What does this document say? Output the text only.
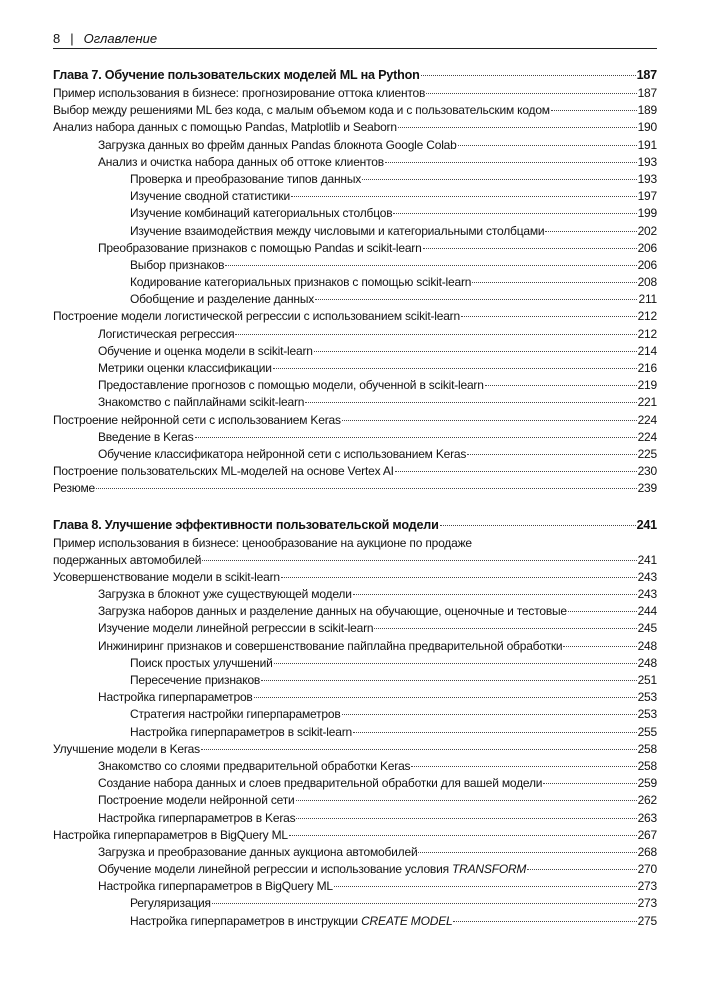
8 | Оглавление
Глава 7. Обучение пользовательских моделей ML на Python	187
Пример использования в бизнесе: прогнозирование оттока клиентов	187
Выбор между решениями ML без кода, с малым объемом кода и с пользовательским кодом	189
Анализ набора данных с помощью Pandas, Matplotlib и Seaborn	190
Загрузка данных во фрейм данных Pandas блокнота Google Colab	191
Анализ и очистка набора данных об оттоке клиентов	193
Проверка и преобразование типов данных	193
Изучение сводной статистики	197
Изучение комбинаций категориальных столбцов	199
Изучение взаимодействия между числовыми и категориальными столбцами	202
Преобразование признаков с помощью Pandas и scikit-learn	206
Выбор признаков	206
Кодирование категориальных признаков с помощью scikit-learn	208
Обобщение и разделение данных	211
Построение модели логистической регрессии с использованием scikit-learn	212
Логистическая регрессия	212
Обучение и оценка модели в scikit-learn	214
Метрики оценки классификации	216
Предоставление прогнозов с помощью модели, обученной в scikit-learn	219
Знакомство с пайплайнами scikit-learn	221
Построение нейронной сети с использованием Keras	224
Введение в Keras	224
Обучение классификатора нейронной сети с использованием Keras	225
Построение пользовательских ML-моделей на основе Vertex AI	230
Резюме	239
Глава 8. Улучшение эффективности пользовательской модели	241
Пример использования в бизнесе: ценообразование на аукционе по продаже
подержанных автомобилей	241
Усовершенствование модели в scikit-learn	243
Загрузка в блокнот уже существующей модели	243
Загрузка наборов данных и разделение данных на обучающие, оценочные и тестовые	244
Изучение модели линейной регрессии в scikit-learn	245
Инжиниринг признаков и совершенствование пайплайна предварительной обработки	248
Поиск простых улучшений	248
Пересечение признаков	251
Настройка гиперпараметров	253
Стратегия настройки гиперпараметров	253
Настройка гиперпараметров в scikit-learn	255
Улучшение модели в Keras	258
Знакомство со слоями предварительной обработки Keras	258
Создание набора данных и слоев предварительной обработки для вашей модели	259
Построение модели нейронной сети	262
Настройка гиперпараметров в Keras	263
Настройка гиперпараметров в BigQuery ML	267
Загрузка и преобразование данных аукциона автомобилей	268
Обучение модели линейной регрессии и использование условия TRANSFORM	270
Настройка гиперпараметров в BigQuery ML	273
Регуляризация	273
Настройка гиперпараметров в инструкции CREATE MODEL	275
